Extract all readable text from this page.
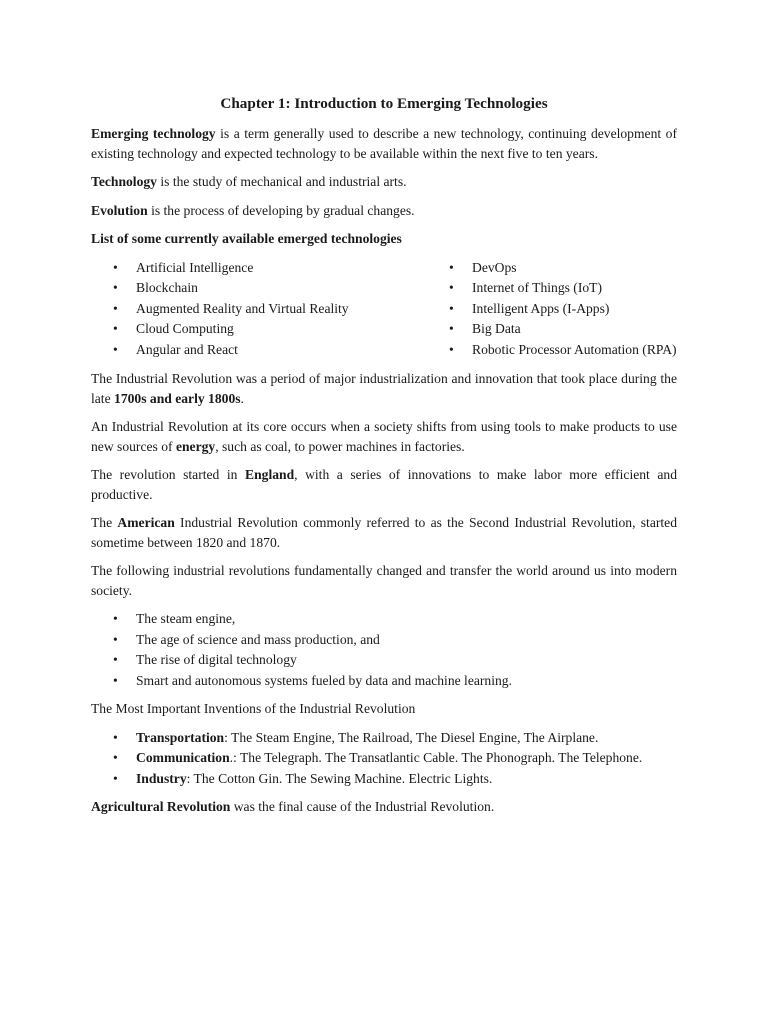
Chapter 1: Introduction to Emerging Technologies

Emerging technology is a term generally used to describe a new technology, continuing development of existing technology and expected technology to be available within the next five to ten years.

Technology is the study of mechanical and industrial arts.

Evolution is the process of developing by gradual changes.

List of some currently available emerged technologies

• Artificial Intelligence
• Blockchain
• Augmented Reality and Virtual Reality
• Cloud Computing
• Angular and React
• DevOps
• Internet of Things (IoT)
• Intelligent Apps (I-Apps)
• Big Data
• Robotic Processor Automation (RPA)

The Industrial Revolution was a period of major industrialization and innovation that took place during the late 1700s and early 1800s.

An Industrial Revolution at its core occurs when a society shifts from using tools to make products to use new sources of energy, such as coal, to power machines in factories.

The revolution started in England, with a series of innovations to make labor more efficient and productive.

The American Industrial Revolution commonly referred to as the Second Industrial Revolution, started sometime between 1820 and 1870.

The following industrial revolutions fundamentally changed and transfer the world around us into modern society.

• The steam engine,
• The age of science and mass production, and
• The rise of digital technology
• Smart and autonomous systems fueled by data and machine learning.

The Most Important Inventions of the Industrial Revolution

• Transportation: The Steam Engine, The Railroad, The Diesel Engine, The Airplane.
• Communication.: The Telegraph. The Transatlantic Cable. The Phonograph. The Telephone.
• Industry: The Cotton Gin. The Sewing Machine. Electric Lights.

Agricultural Revolution was the final cause of the Industrial Revolution.
